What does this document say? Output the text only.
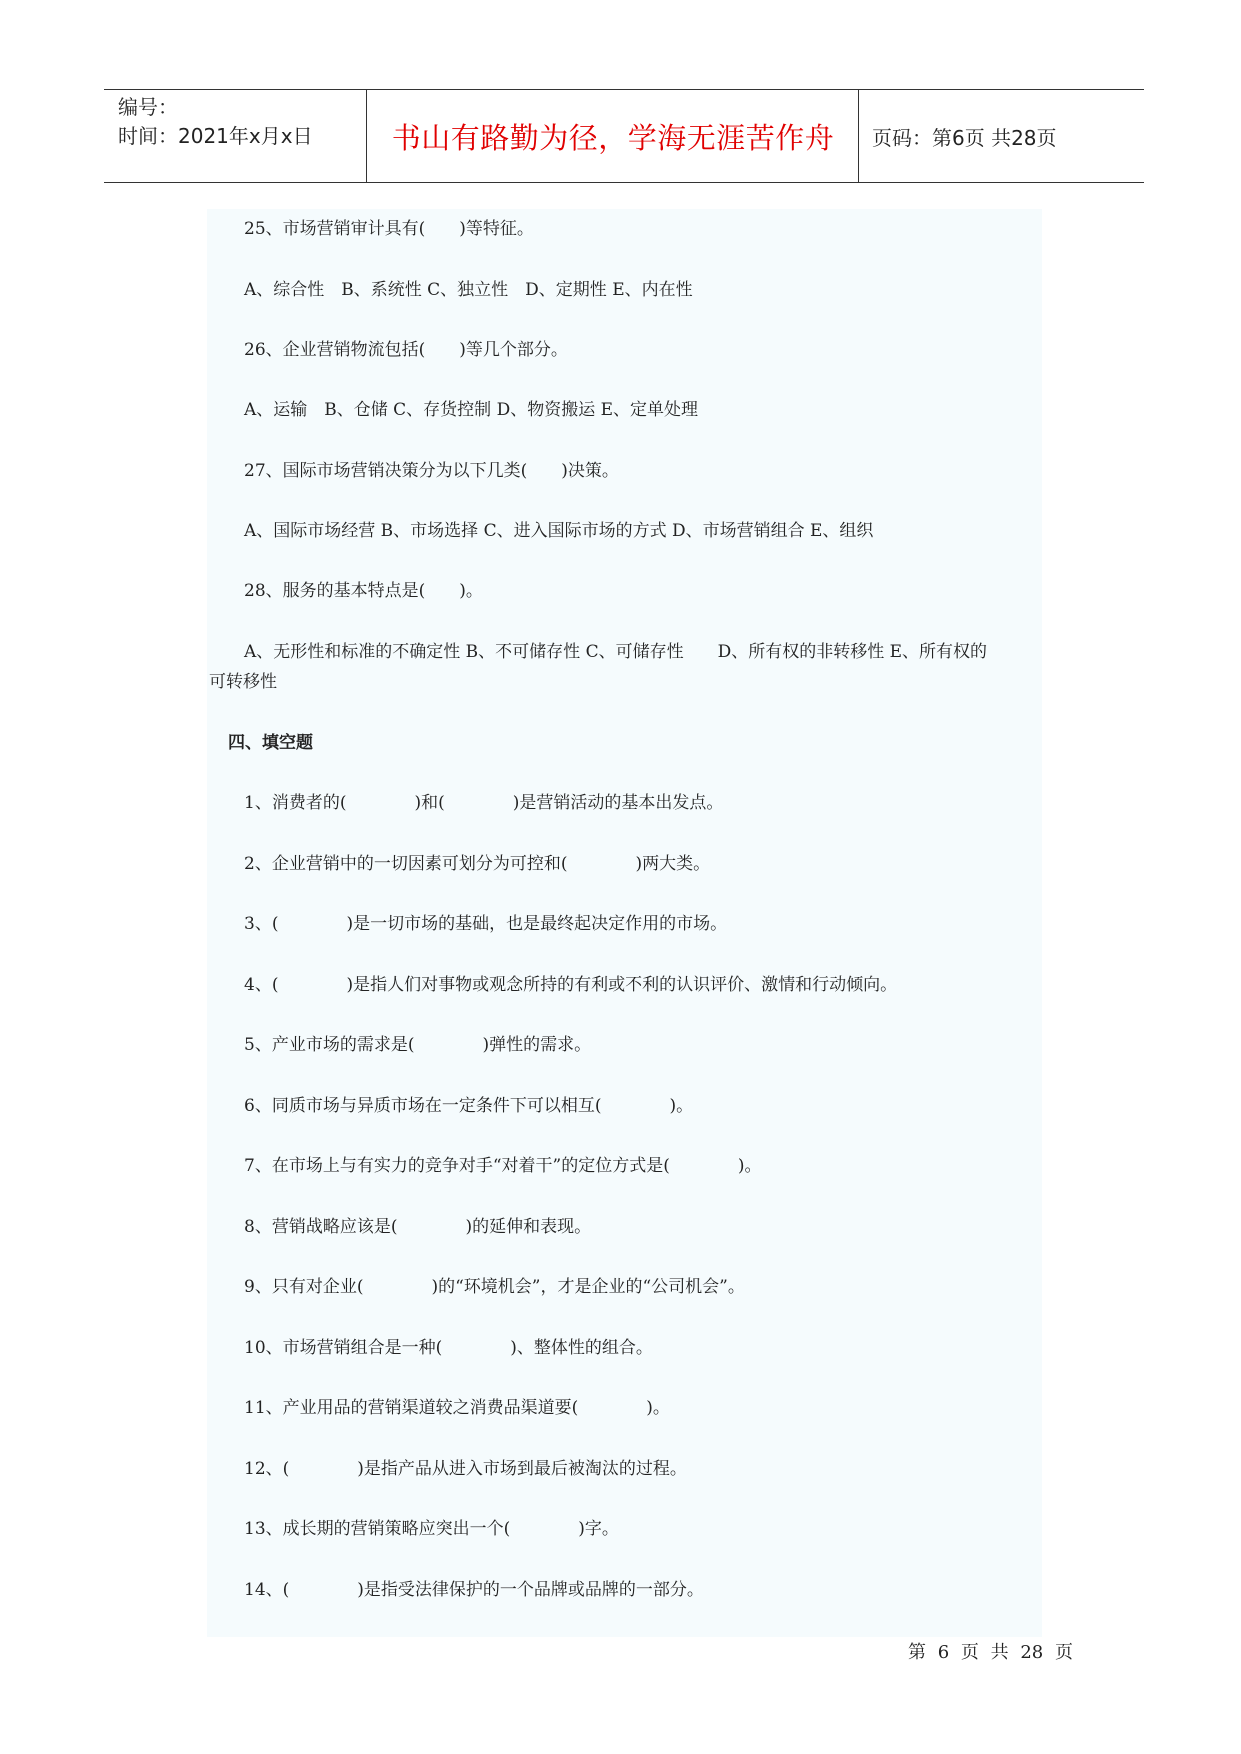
编号：
时间：2021年x月x日	书山有路勤为径，学海无涯苦作舟	页码：第6页 共28页
25、市场营销审计具有(　　)等特征。
A、综合性　B、系统性 C、独立性　D、定期性 E、内在性
26、企业营销物流包括(　　)等几个部分。
A、运输　B、仓储 C、存货控制 D、物资搬运 E、定单处理
27、国际市场营销决策分为以下几类(　　)决策。
A、国际市场经营 B、市场选择 C、进入国际市场的方式 D、市场营销组合 E、组织
28、服务的基本特点是(　　)。
A、无形性和标准的不确定性 B、不可储存性 C、可储存性　　D、所有权的非转移性 E、所有权的
可转移性
四、填空题
1、消费者的(　　　　)和(　　　　)是营销活动的基本出发点。
2、企业营销中的一切因素可划分为可控和(　　　　)两大类。
3、(　　　　)是一切市场的基础，也是最终起决定作用的市场。
4、(　　　　)是指人们对事物或观念所持的有利或不利的认识评价、激情和行动倾向。
5、产业市场的需求是(　　　　)弹性的需求。
6、同质市场与异质市场在一定条件下可以相互(　　　　)。
7、在市场上与有实力的竞争对手“对着干”的定位方式是(　　　　)。
8、营销战略应该是(　　　　)的延伸和表现。
9、只有对企业(　　　　)的“环境机会”，才是企业的“公司机会”。
10、市场营销组合是一种(　　　　)、整体性的组合。
11、产业用品的营销渠道较之消费品渠道要(　　　　)。
12、(　　　　)是指产品从进入市场到最后被淘汰的过程。
13、成长期的营销策略应突出一个(　　　　)字。
14、(　　　　)是指受法律保护的一个品牌或品牌的一部分。
第 6 页 共 28 页
